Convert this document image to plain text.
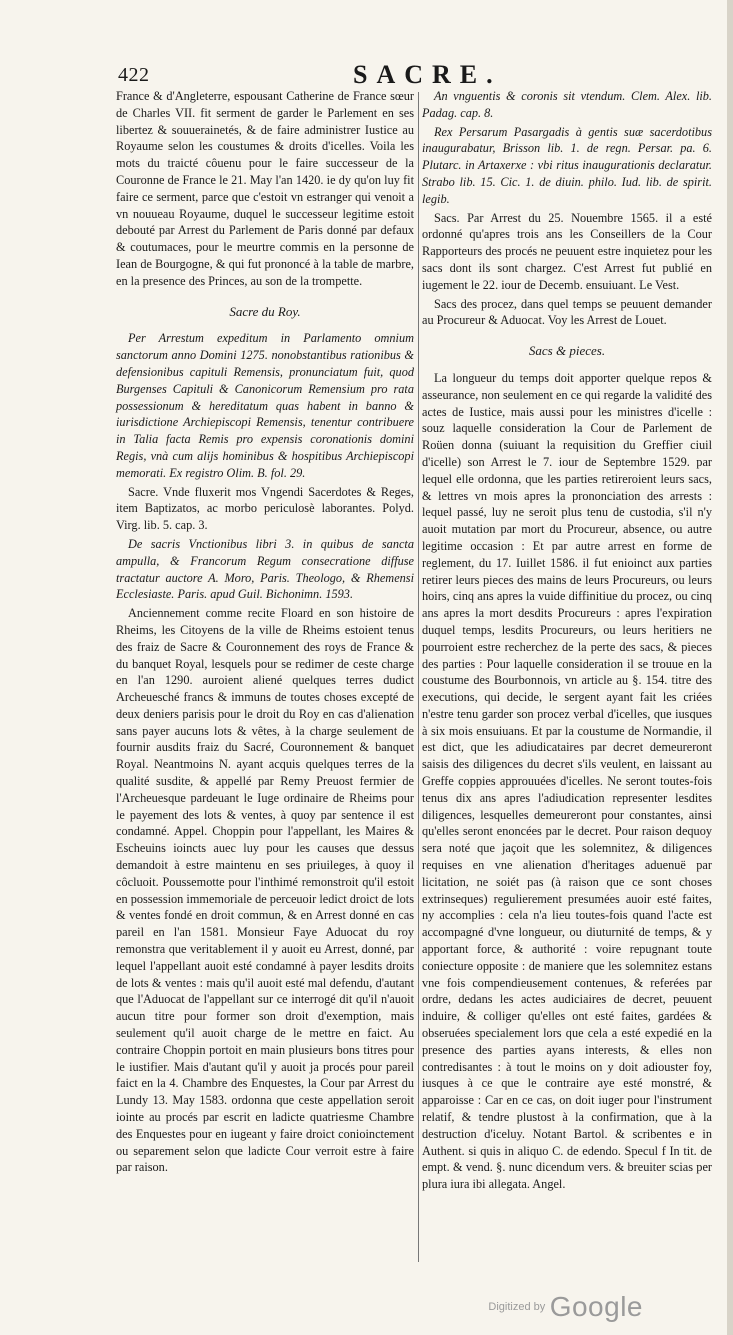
422	SACRE.

France & d'Angleterre, espousant Catherine de France sœur de Charles VII. fit serment de garder le Parlement en ses libertez & souuerainetés, & de faire administrer Iustice au Royaume selon les coustumes & droits d'icelles. Voila les mots du traicté côuenu pour le faire successeur de la Couronne de France le 21. May l'an 1420. ie dy qu'on luy fit faire ce serment, parce que c'estoit vn estranger qui venoit a vn nouueau Royaume, duquel le successeur legitime estoit debouté par Arrest du Parlement de Paris donné par defaux & coutumaces, pour le meurtre commis en la personne de Iean de Bourgogne, & qui fut prononcé à la table de marbre, en la presence des Princes, au son de la trompette.

Sacre du Roy.

Per Arrestum expeditum in Parlamento omnium sanctorum anno Domini 1275. nonobstantibus rationibus & defensionibus capituli Remensis, pronunciatum fuit, quod Burgenses Capituli & Canonicorum Remensium pro rata possessionum & hereditatum quas habent in banno & iurisdictione Archiepiscopi Remensis, tenentur contribuere in Talia facta Remis pro expensis coronationis domini Regis, vnà cum alijs hominibus & hospitibus Archiepiscopi memorati. Ex registro Olim. B. fol. 29.

Sacre. Vnde fluxerit mos Vngendi Sacerdotes & Reges, item Baptizatos, ac morbo periculosè laborantes. Polyd. Virg. lib. 5. cap. 3.

De sacris Vnctionibus libri 3. in quibus de sancta ampulla, & Francorum Regum consecratione diffuse tractatur auctore A. Moro, Paris. Theologo, & Rhemensi Ecclesiaste. Paris. apud Guil. Bichonimn. 1593.

Anciennement comme recite Floard en son histoire de Rheims, les Citoyens de la ville de Rheims estoient tenus des fraiz de Sacre & Couronnement des roys de France & du banquet Royal, lesquels pour se redimer de ceste charge en l'an 1290. auroient aliené quelques terres dudict Archeuesché francs & immuns de toutes choses excepté de deux deniers parisis pour le droit du Roy en cas d'alienation sans payer aucuns lots & vêtes, à la charge seulement de fournir ausdits fraiz du Sacré, Couronnement & banquet Royal. Neantmoins N. ayant acquis quelques terres de la qualité susdite, & appellé par Remy Preuost fermier de l'Archeuesque pardeuant le Iuge ordinaire de Rheims pour le payement des lots & ventes, à quoy par sentence il est condamné. Appel. Choppin pour l'appellant, les Maires & Escheuins ioincts auec luy pour les causes que dessus demandoit à estre maintenu en ses priuileges, à quoy il côcluoit. Poussemotte pour l'inthimé remonstroit qu'il estoit en possession immemoriale de perceuoir ledict droict de lots & ventes fondé en droit commun, & en Arrest donné en cas pareil en l'an 1581. Monsieur Faye Aduocat du roy remonstra que veritablement il y auoit eu Arrest, donné, par lequel l'appellant auoit esté condamné à payer lesdits droits de lots & ventes : mais qu'il auoit esté mal defendu, d'autant que l'Aduocat de l'appellant sur ce interrogé dit qu'il n'auoit aucun titre pour former son droit d'exemption, mais seulement qu'il auoit charge de le mettre en faict. Au contraire Choppin portoit en main plusieurs bons titres pour le iustifier. Mais d'autant qu'il y auoit ja procés pour pareil faict en la 4. Chambre des Enquestes, la Cour par Arrest du Lundy 13. May 1583. ordonna que ceste appellation seroit iointe au procés par escrit en ladicte quatriesme Chambre des Enquestes pour en iugeant y faire droict conioinctement ou separement selon que ladicte Cour verroit estre à faire par raison.

An vnguentis & coronis sit vtendum. Clem. Alex. lib. Padag. cap. 8.

Rex Persarum Pasargadis à gentis suæ sacerdotibus inaugurabatur, Brisson lib. 1. de regn. Persar. pa. 6. Plutarc. in Artaxerxe : vbi ritus inaugurationis declaratur. Strabo lib. 15. Cic. 1. de diuin. philo. Iud. lib. de spirit. legib.

Sacs. Par Arrest du 25. Nouembre 1565. il a esté ordonné qu'apres trois ans les Conseillers de la Cour Rapporteurs des procés ne peuuent estre inquietez pour les sacs dont ils sont chargez. C'est Arrest fut publié en iugement le 22. iour de Decemb. ensuiuant. Le Vest.

Sacs des procez, dans quel temps se peuuent demander au Procureur & Aduocat. Voy les Arrest de Louet.

Sacs & pieces.

La longueur du temps doit apporter quelque repos & asseurance, non seulement en ce qui regarde la validité des actes de Iustice, mais aussi pour les ministres d'icelle : souz laquelle consideration la Cour de Parlement de Roüen donna (suiuant la requisition du Greffier ciuil d'icelle) son Arrest le 7. iour de Septembre 1529. par lequel elle ordonna, que les parties retireroient leurs sacs, & lettres vn mois apres la prononciation des arrests : lequel passé, luy ne seroit plus tenu de custodia, s'il n'y auoit mutation par mort du Procureur, absence, ou autre legitime occasion : Et par autre arrest en forme de reglement, du 17. Iuillet 1586. il fut enioinct aux parties retirer leurs pieces des mains de leurs Procureurs, ou leurs hoirs, cinq ans apres la vuide diffinitiue du procez, ou cinq ans apres la mort desdits Procureurs : apres l'expiration duquel temps, lesdits Procureurs, ou leurs heritiers ne pourroient estre recherchez de la perte des sacs, & pieces des parties : Pour laquelle consideration il se trouue en la coustume des Bourbonnois, vn article au §. 154. titre des executions, qui decide, le sergent ayant fait les criées n'estre tenu garder son procez verbal d'icelles, que iusques à six mois ensuiuans. Et par la coustume de Normandie, il est dict, que les adiudicataires par decret demeureront saisis des diligences du decret s'ils veulent, en laissant au Greffe coppies approuuées d'icelles. Ne seront toutes-fois tenus dix ans apres l'adiudication representer lesdites diligences, lesquelles demeureront pour constantes, ainsi qu'elles seront enoncées par le decret. Pour raison dequoy sera noté que jaçoit que les solemnitez, & diligences requises en vne alienation d'heritages aduenuë par licitation, ne soiét pas (à raison que ce sont choses extrinseques) regulierement presumées auoir esté faites, ny accomplies : cela n'a lieu toutes-fois quand l'acte est accompagné d'vne longueur, ou diuturnité de temps, & y apportant force, & authorité : voire repugnant toute coniecture opposite : de maniere que les solemnitez estans vne fois compendieusement contenues, & referées par ordre, dedans les actes audiciaires de decret, peuuent induire, & colliger qu'elles ont esté faites, gardées & obseruées specialement lors que cela a esté expedié en la presence des parties ayans interests, & elles non contredisantes : à tout le moins on y doit adiouster foy, iusques à ce que le contraire aye esté monstré, & apparoisse : Car en ce cas, on doit iuger pour l'instrument relatif, & tendre plustost à la confirmation, que à la destruction d'iceluy. Notant Bartol. & scribentes e in Authent. si quis in aliquo C. de edendo. Specul f In tit. de empt. & vend. §. nunc dicendum vers. & breuiter scias per plura iura ibi allegata. Angel.

Digitized by Google
